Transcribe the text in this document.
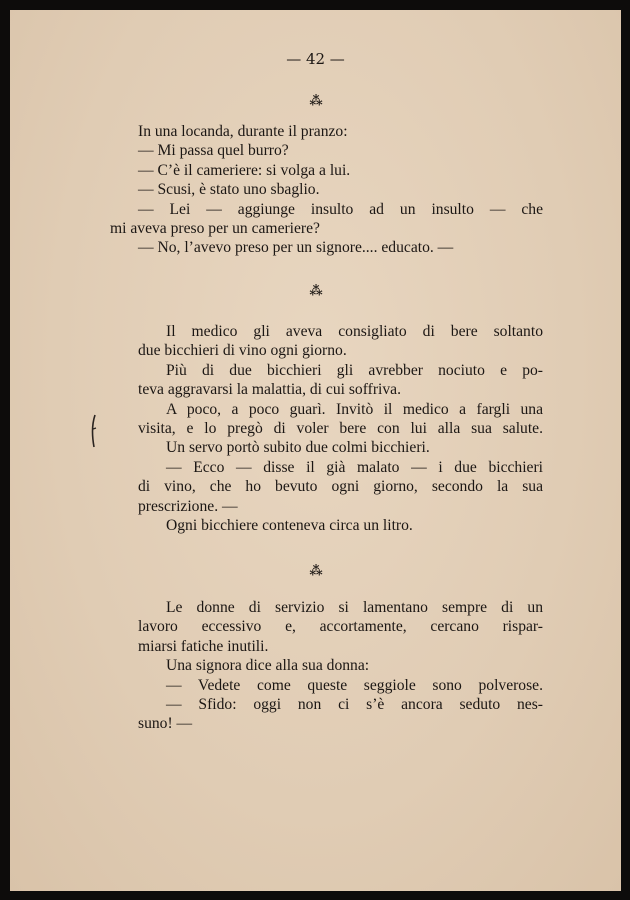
— 42 —
⁂
In una locanda, durante il pranzo:
— Mi passa quel burro?
— C’è il cameriere: si volga a lui.
— Scusi, è stato uno sbaglio.
— Lei — aggiunge insulto ad un insulto — che
mi aveva preso per un cameriere?
— No, l’avevo preso per un signore.... educato. —
⁂
Il medico gli aveva consigliato di bere soltanto
due bicchieri di vino ogni giorno.
Più di due bicchieri gli avrebber nociuto e po-
teva aggravarsi la malattia, di cui soffriva.
A poco, a poco guarì. Invitò il medico a fargli una
visita, e lo pregò di voler bere con lui alla sua salute.
Un servo portò subito due colmi bicchieri.
— Ecco — disse il già malato — i due bicchieri
di vino, che ho bevuto ogni giorno, secondo la sua
prescrizione. —
Ogni bicchiere conteneva circa un litro.
⁂
Le donne di servizio si lamentano sempre di un
lavoro eccessivo e, accortamente, cercano rispar-
miarsi fatiche inutili.
Una signora dice alla sua donna:
— Vedete come queste seggiole sono polverose.
— Sfido: oggi non ci s’è ancora seduto nes-
suno! —
